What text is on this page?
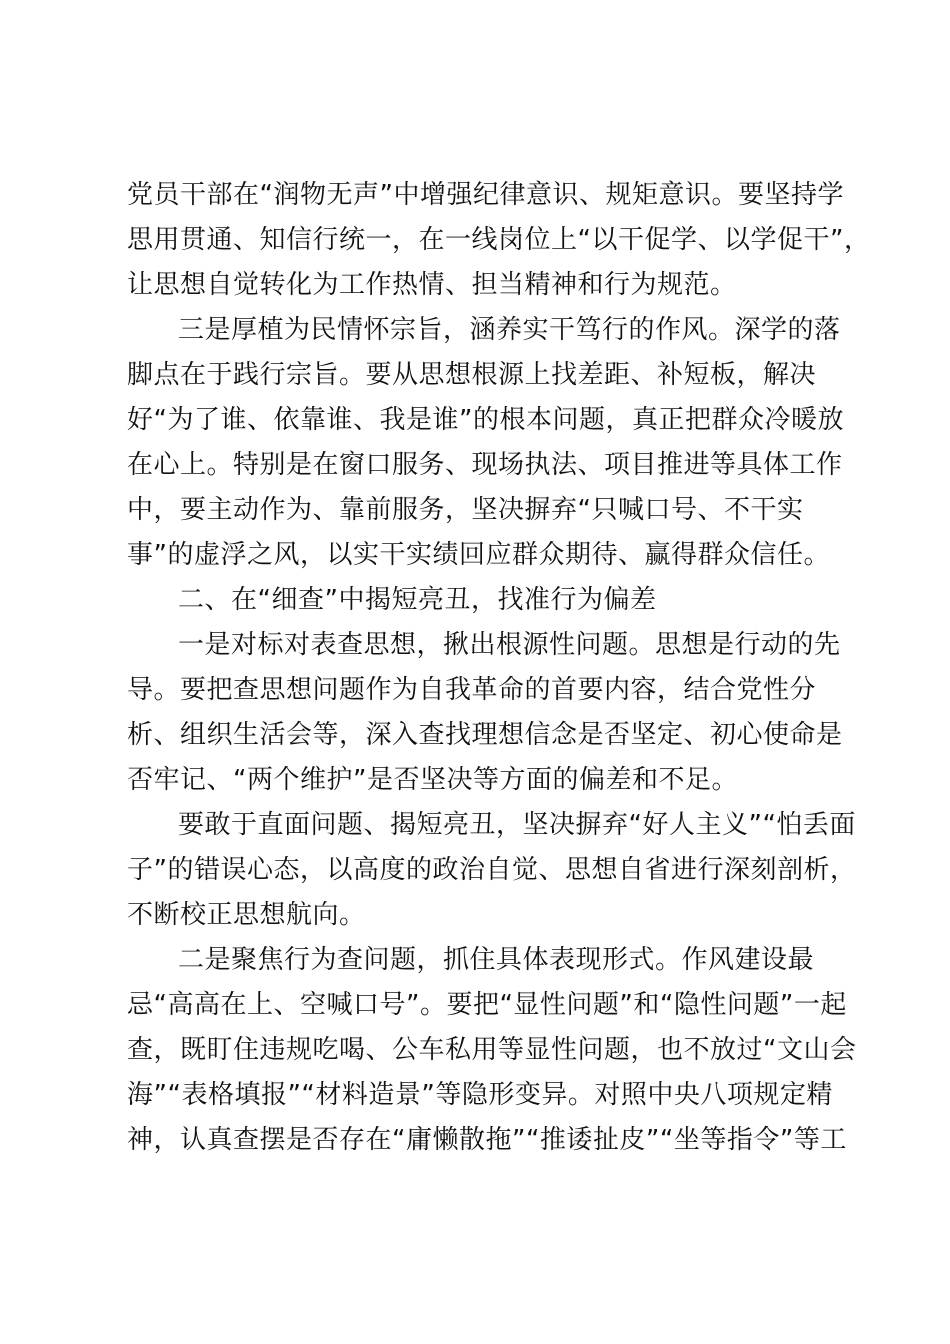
党员干部在“润物无声”中增强纪律意识、规矩意识。要坚持学
思用贯通、知信行统一，在一线岗位上“以干促学、以学促干”，
让思想自觉转化为工作热情、担当精神和行为规范。
三是厚植为民情怀宗旨，涵养实干笃行的作风。深学的落
脚点在于践行宗旨。要从思想根源上找差距、补短板，解决
好“为了谁、依靠谁、我是谁”的根本问题，真正把群众冷暖放
在心上。特别是在窗口服务、现场执法、项目推进等具体工作
中，要主动作为、靠前服务，坚决摒弃“只喊口号、不干实
事”的虚浮之风，以实干实绩回应群众期待、赢得群众信任。
二、在“细查”中揭短亮丑，找准行为偏差
一是对标对表查思想，揪出根源性问题。思想是行动的先
导。要把查思想问题作为自我革命的首要内容，结合党性分
析、组织生活会等，深入查找理想信念是否坚定、初心使命是
否牢记、“两个维护”是否坚决等方面的偏差和不足。
要敢于直面问题、揭短亮丑，坚决摒弃“好人主义”“怕丢面
子”的错误心态，以高度的政治自觉、思想自省进行深刻剖析，
不断校正思想航向。
二是聚焦行为查问题，抓住具体表现形式。作风建设最
忌“高高在上、空喊口号”。要把“显性问题”和“隐性问题”一起
查，既盯住违规吃喝、公车私用等显性问题，也不放过“文山会
海”“表格填报”“材料造景”等隐形变异。对照中央八项规定精
神，认真查摆是否存在“庸懒散拖”“推诿扯皮”“坐等指令”等工
